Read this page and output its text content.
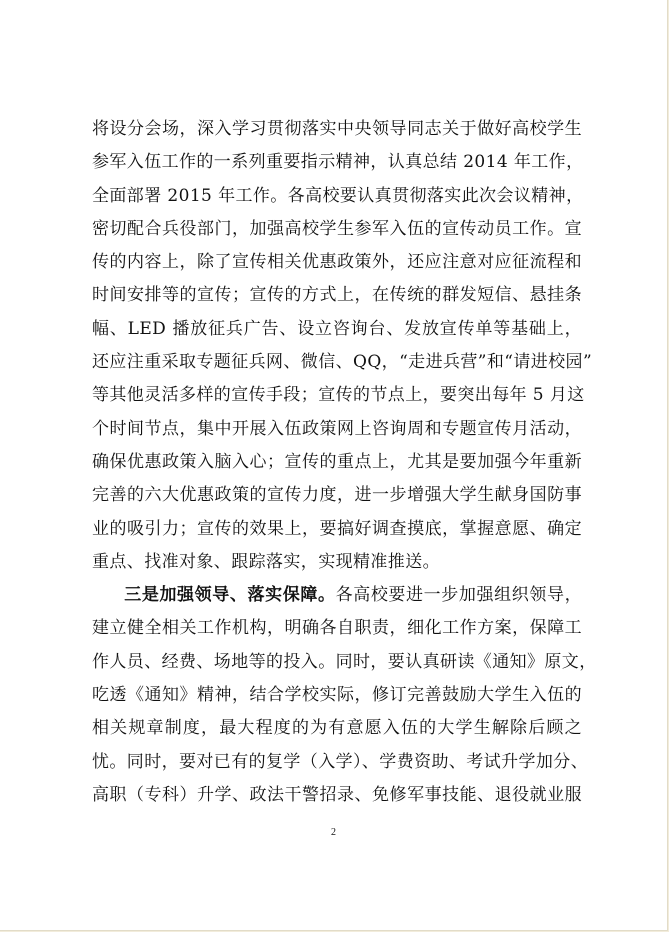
将设分会场，深入学习贯彻落实中央领导同志关于做好高校学生
参军入伍工作的一系列重要指示精神，认真总结 2014 年工作，
全面部署 2015 年工作。各高校要认真贯彻落实此次会议精神，
密切配合兵役部门，加强高校学生参军入伍的宣传动员工作。宣
传的内容上，除了宣传相关优惠政策外，还应注意对应征流程和
时间安排等的宣传；宣传的方式上，在传统的群发短信、悬挂条
幅、LED 播放征兵广告、设立咨询台、发放宣传单等基础上，
还应注重采取专题征兵网、微信、QQ，“走进兵营”和“请进校园”
等其他灵活多样的宣传手段；宣传的节点上，要突出每年 5 月这
个时间节点，集中开展入伍政策网上咨询周和专题宣传月活动，
确保优惠政策入脑入心；宣传的重点上，尤其是要加强今年重新
完善的六大优惠政策的宣传力度，进一步增强大学生献身国防事
业的吸引力；宣传的效果上，要搞好调查摸底，掌握意愿、确定
重点、找准对象、跟踪落实，实现精准推送。
三是加强领导、落实保障。各高校要进一步加强组织领导，
建立健全相关工作机构，明确各自职责，细化工作方案，保障工
作人员、经费、场地等的投入。同时，要认真研读《通知》原文，
吃透《通知》精神，结合学校实际，修订完善鼓励大学生入伍的
相关规章制度，最大程度的为有意愿入伍的大学生解除后顾之
忧。同时，要对已有的复学（入学）、学费资助、考试升学加分、
高职（专科）升学、政法干警招录、免修军事技能、退役就业服
2
